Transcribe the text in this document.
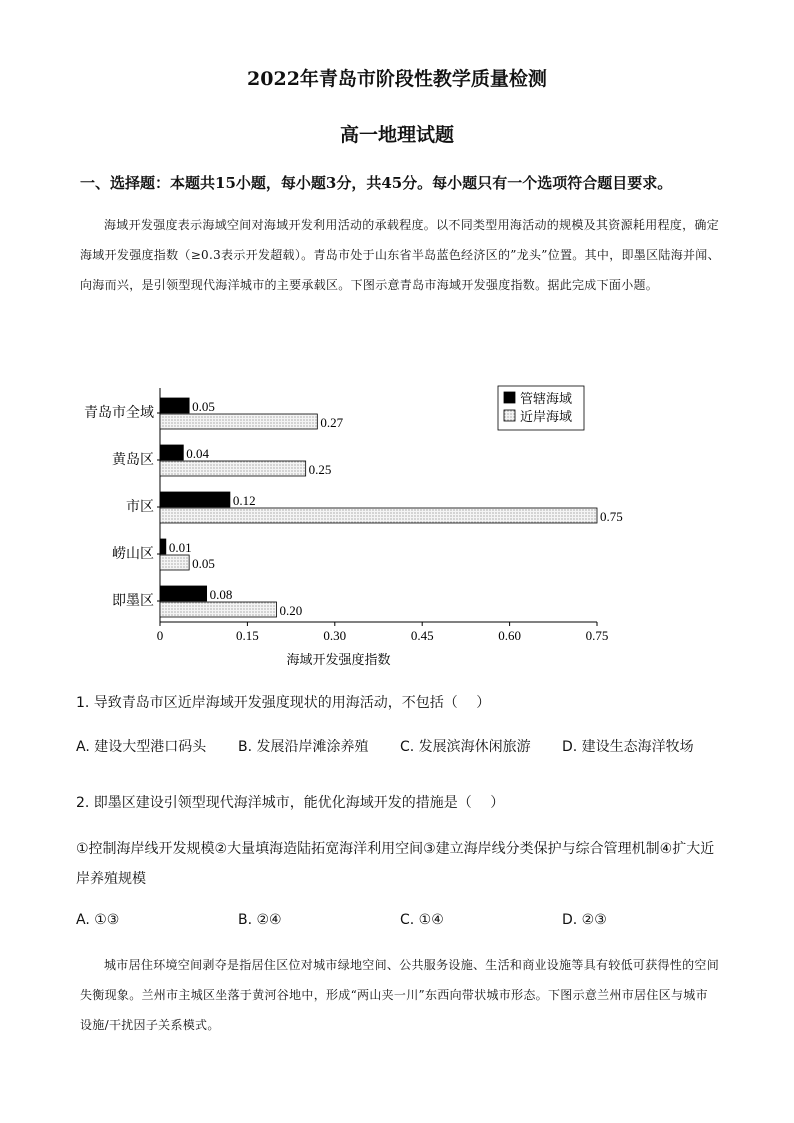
2022年青岛市阶段性教学质量检测
高一地理试题
一、选择题：本题共15小题，每小题3分，共45分。每小题只有一个选项符合题目要求。

海域开发强度表示海域空间对海域开发利用活动的承载程度。以不同类型用海活动的规模及其资源耗用程度，确定海域开发强度指数（≥0.3表示开发超载）。青岛市处于山东省半岛蓝色经济区的”龙头”位置。其中，即墨区陆海并闻、向海而兴，是引领型现代海洋城市的主要承载区。下图示意青岛市海域开发强度指数。据此完成下面小题。

0	0.15	0.30	0.45	0.60	0.75
海域开发强度指数
青岛市全域	0.05
0.27
黄岛区 0.04
0.25
市区	0.12
0.75
崂山区 0.01
0.05
即墨区	0.08
0.20
管辖海域
近岸海域
1. 导致青岛市区近岸海域开发强度现状的用海活动，不包括（　 ）
A. 建设大型港口码头 B. 发展沿岸滩涂养殖 C. 发展滨海休闲旅游 D. 建设生态海洋牧场
2. 即墨区建设引领型现代海洋城市，能优化海域开发的措施是（　 ）
①控制海岸线开发规模②大量填海造陆拓宽海洋利用空间③建立海岸线分类保护与综合管理机制④扩大近岸养殖规模
A. ①③	B. ②④	C. ①④	D. ②③

城市居住环境空间剥夺是指居住区位对城市绿地空间、公共服务设施、生活和商业设施等具有较低可获得性的空间失衡现象。兰州市主城区坐落于黄河谷地中，形成“两山夹一川”东西向带状城市形态。下图示意兰州市居住区与城市设施/干扰因子关系模式。
